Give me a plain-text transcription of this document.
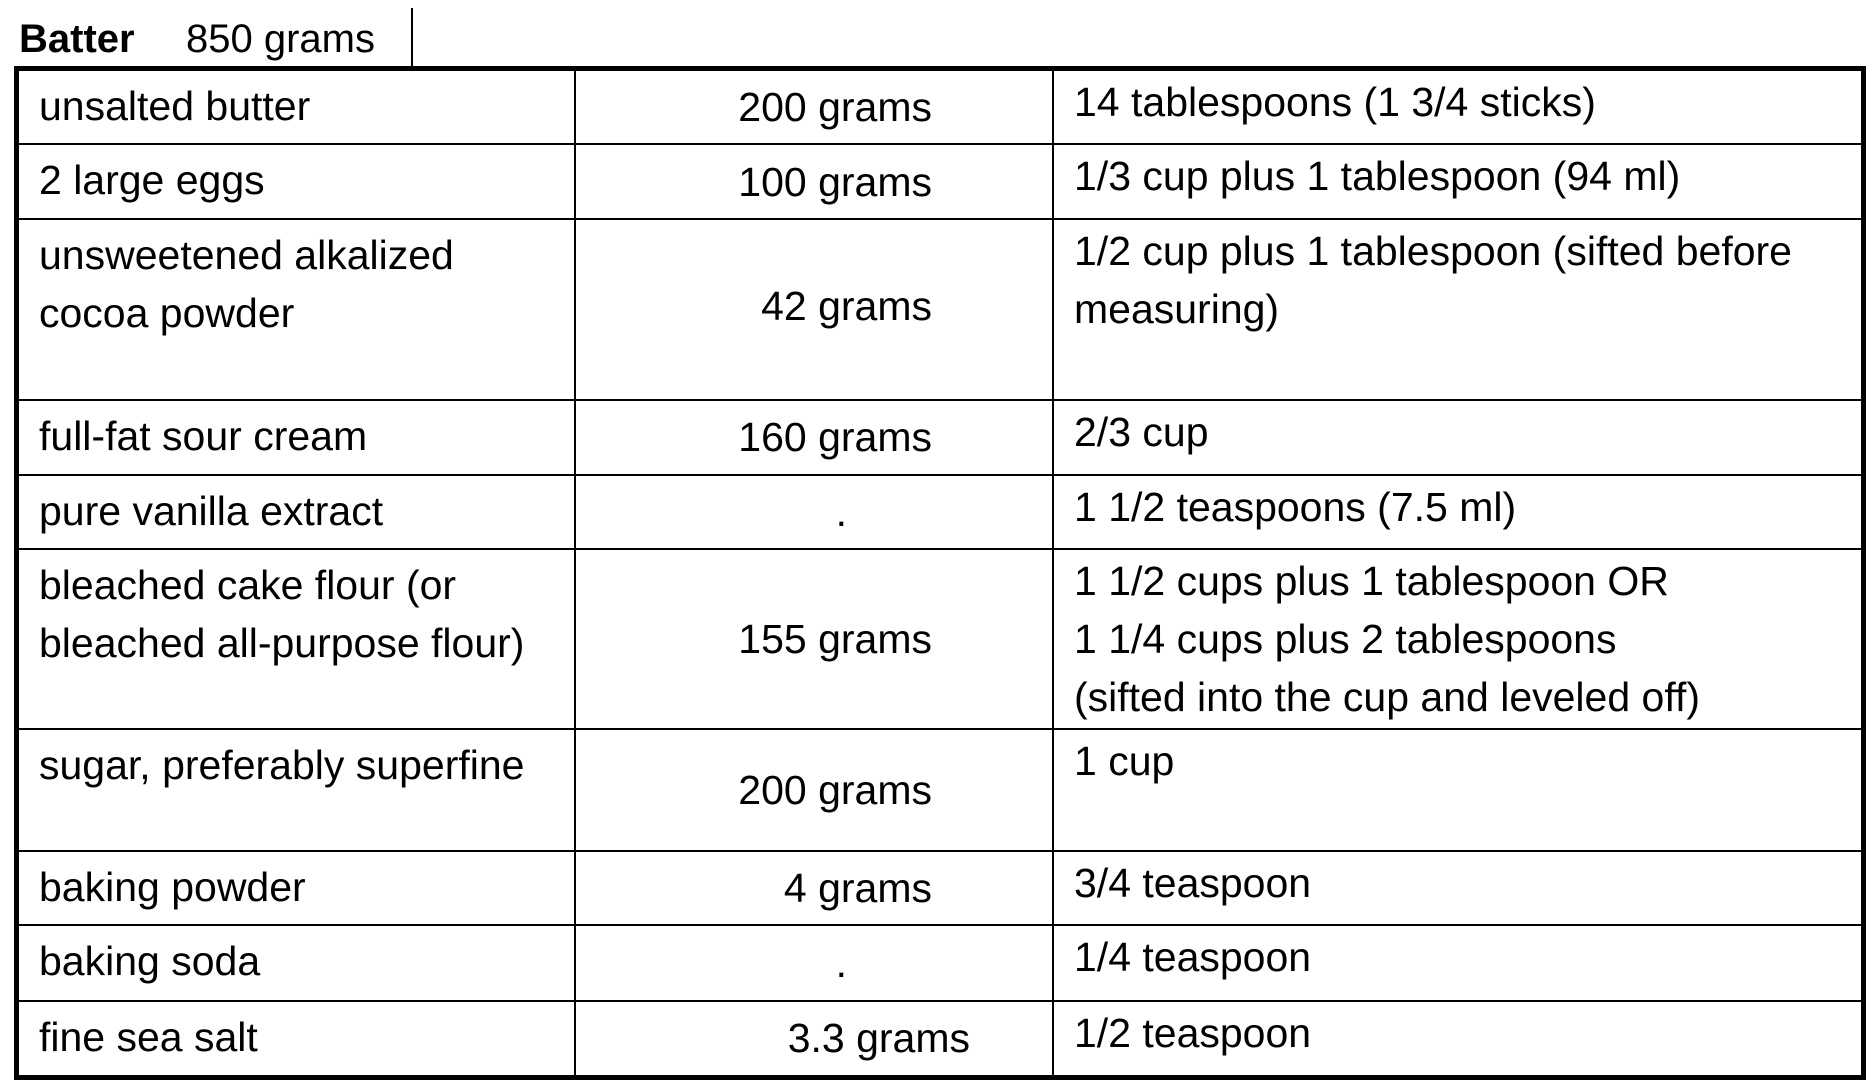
Batter 850 grams
unsalted butter	200 grams	14 tablespoons (1 3/4 sticks)
2 large eggs	100 grams	1/3 cup plus 1 tablespoon (94 ml)
unsweetened alkalized cocoa powder	42 grams	1/2 cup plus 1 tablespoon (sifted before measuring)
full-fat sour cream	160 grams	2/3 cup
pure vanilla extract	.	1 1/2 teaspoons (7.5 ml)
bleached cake flour (or bleached all-purpose flour)	155 grams	1 1/2 cups plus 1 tablespoon OR
1 1/4 cups plus 2 tablespoons
(sifted into the cup and leveled off)
sugar, preferably superfine	200 grams	1 cup
baking powder	4 grams	3/4 teaspoon
baking soda	.	1/4 teaspoon
fine sea salt	3.3 grams	1/2 teaspoon
